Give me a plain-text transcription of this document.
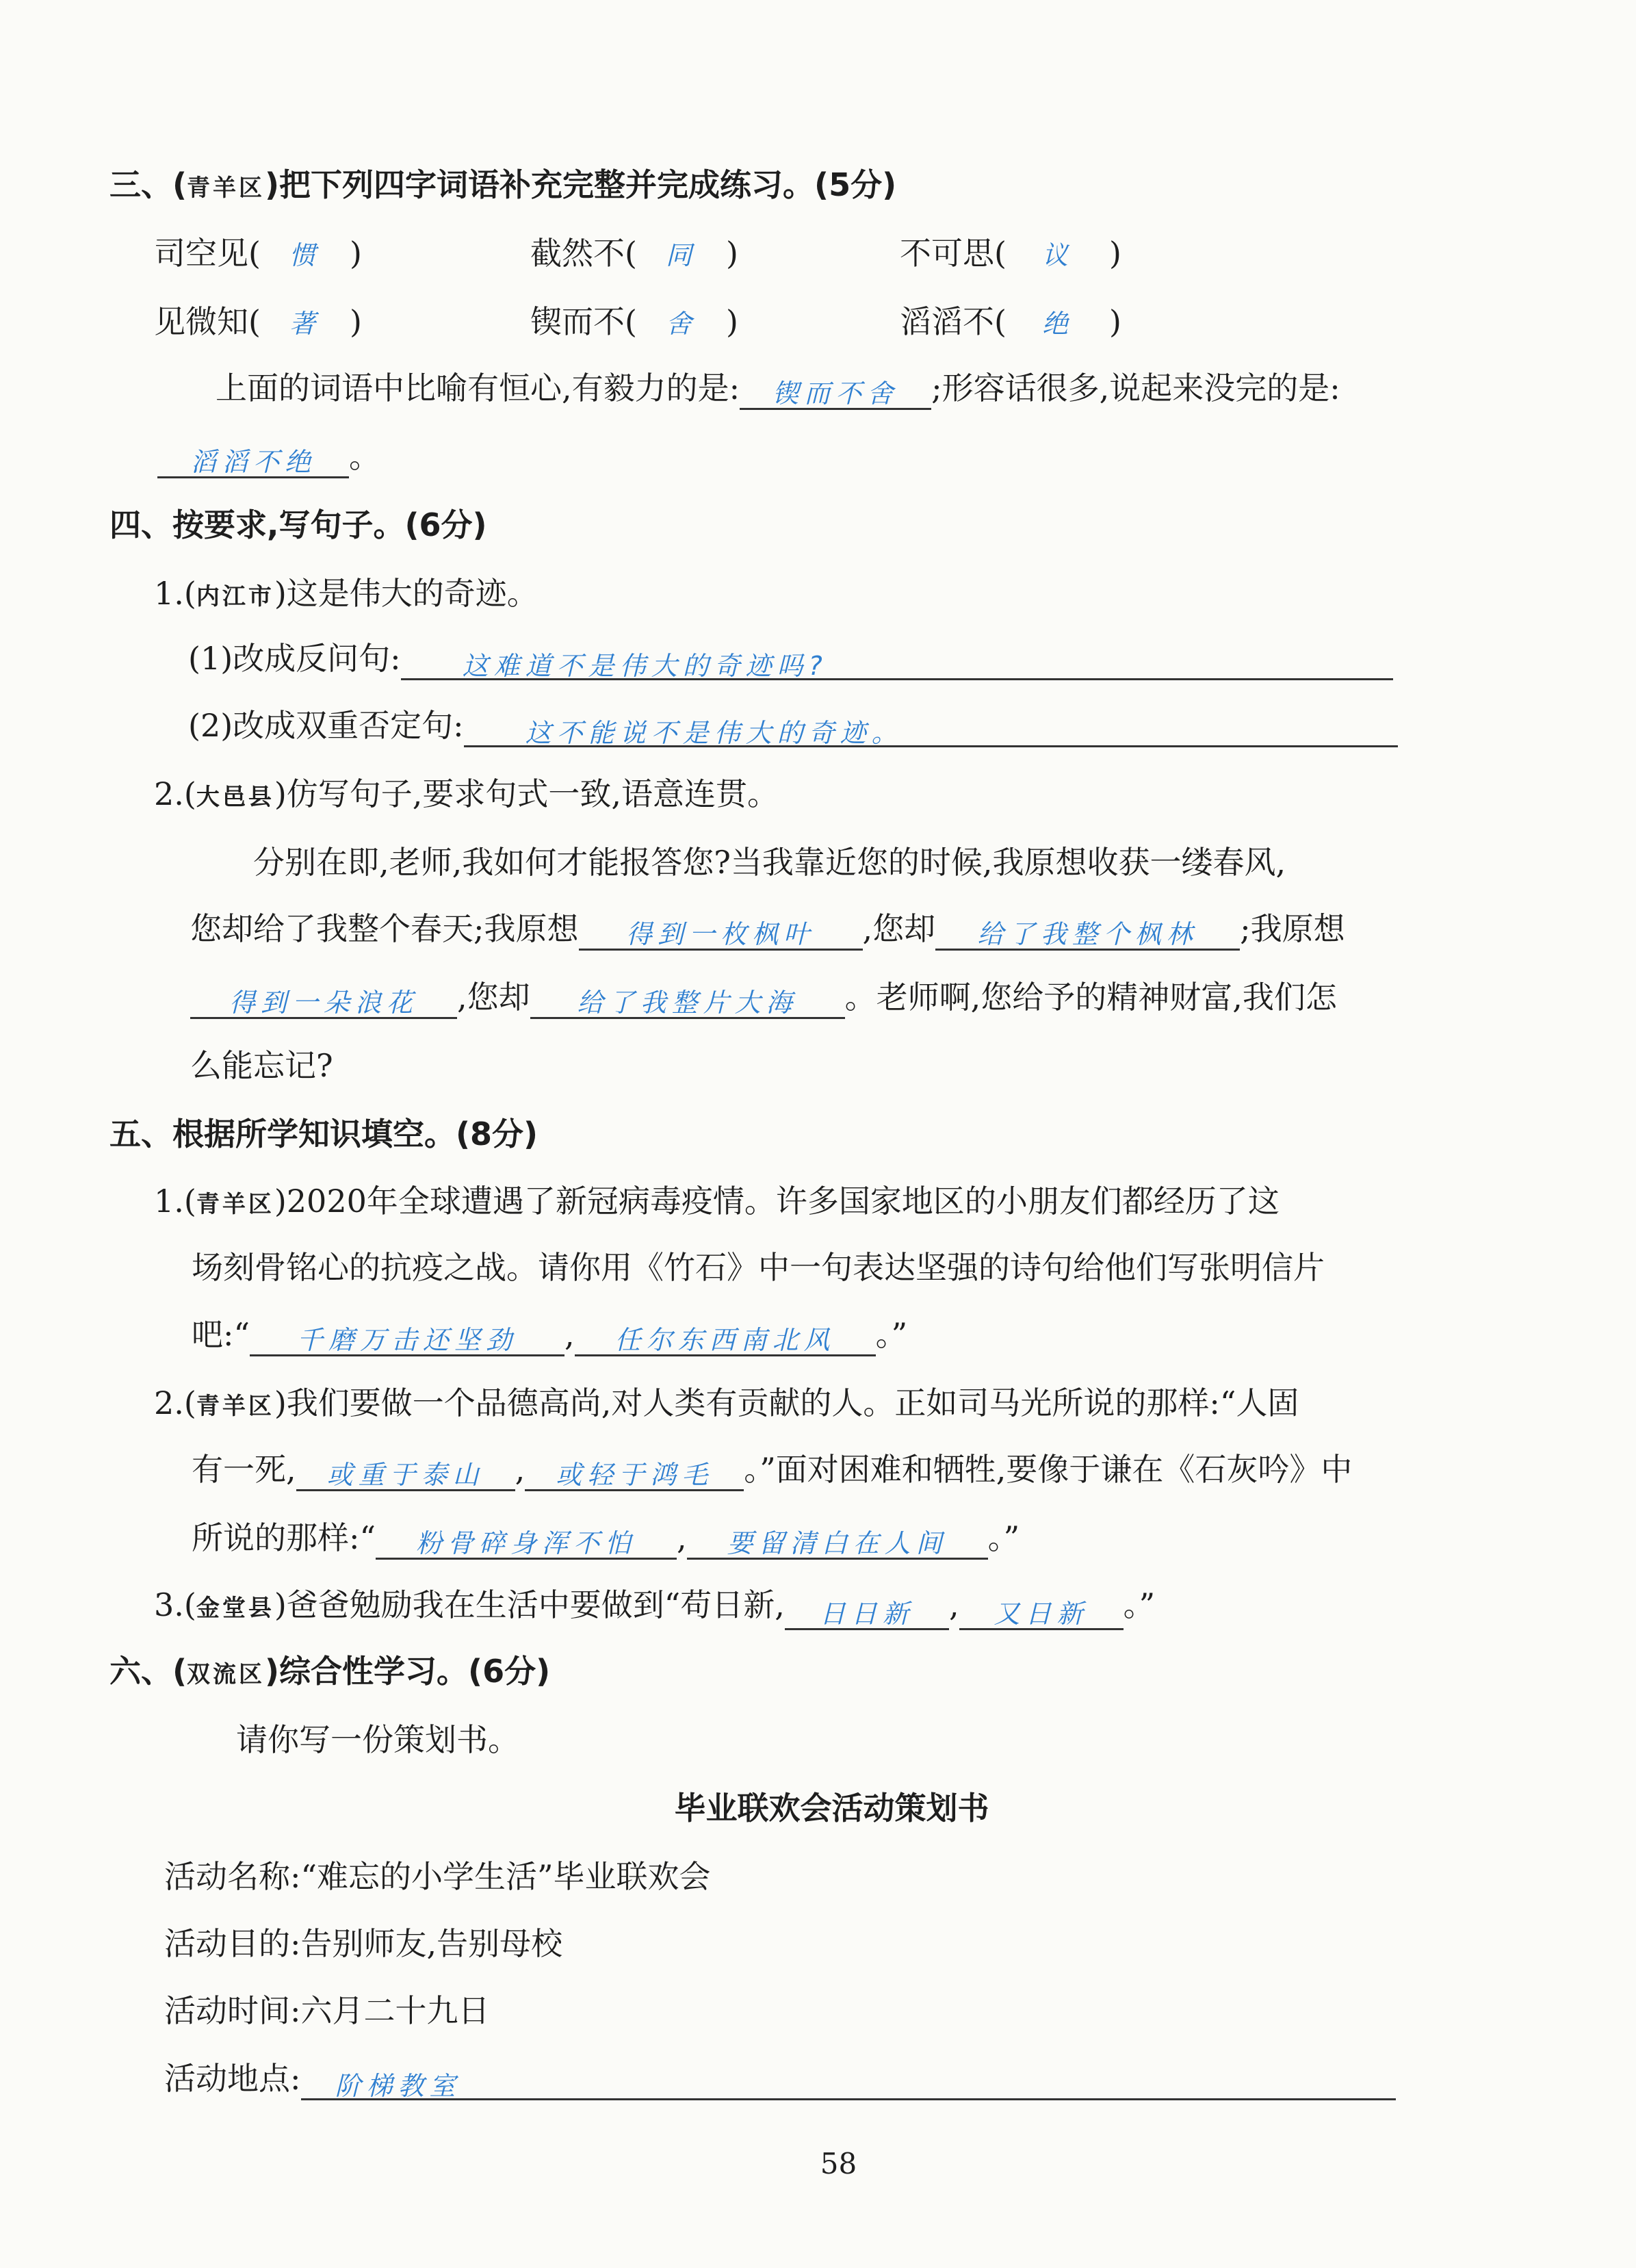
三、(青羊区)把下列四字词语补充完整并完成练习。(5分)
司空见( 惯 )	截然不( 同 )	不可思( 议 )
见微知( 著 )	锲而不( 舍 )	滔滔不( 绝 )
上面的词语中比喻有恒心,有毅力的是: 锲而不舍 ;形容话很多,说起来没完的是:
滔滔不绝 。
四、按要求,写句子。(6分)
1.(内江市)这是伟大的奇迹。
(1)改成反问句: 这难道不是伟大的奇迹吗?
(2)改成双重否定句: 这不能说不是伟大的奇迹。
2.(大邑县)仿写句子,要求句式一致,语意连贯。
分别在即,老师,我如何才能报答您?当我靠近您的时候,我原想收获一缕春风,
您却给了我整个春天;我原想 得到一枚枫叶 ,您却 给了我整个枫林 ;我原想
得到一朵浪花 ,您却 给了我整片大海 。老师啊,您给予的精神财富,我们怎
么能忘记?
五、根据所学知识填空。(8分)
1.(青羊区)2020年全球遭遇了新冠病毒疫情。许多国家地区的小朋友们都经历了这
场刻骨铭心的抗疫之战。请你用《竹石》中一句表达坚强的诗句给他们写张明信片
吧:“ 千磨万击还坚劲 , 任尔东西南北风 。”
2.(青羊区)我们要做一个品德高尚,对人类有贡献的人。正如司马光所说的那样:“人固
有一死, 或重于泰山 , 或轻于鸿毛 。”面对困难和牺牲,要像于谦在《石灰吟》中
所说的那样:“ 粉骨碎身浑不怕 , 要留清白在人间 。”
3.(金堂县)爸爸勉励我在生活中要做到“苟日新, 日日新 , 又日新 。”
六、(双流区)综合性学习。(6分)
请你写一份策划书。
毕业联欢会活动策划书
活动名称:“难忘的小学生活”毕业联欢会
活动目的:告别师友,告别母校
活动时间:六月二十九日
活动地点: 阶梯教室
58
